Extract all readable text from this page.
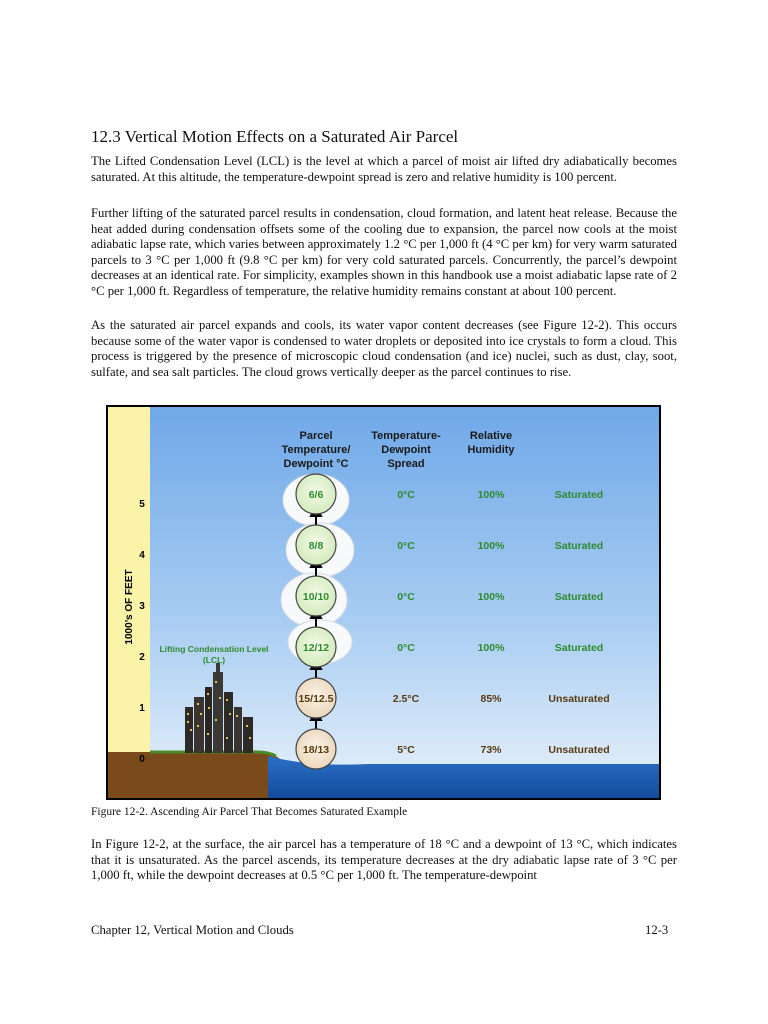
12.3 Vertical Motion Effects on a Saturated Air Parcel

The Lifted Condensation Level (LCL) is the level at which a parcel of moist air lifted dry adiabatically becomes saturated. At this altitude, the temperature-dewpoint spread is zero and relative humidity is 100 percent.

Further lifting of the saturated parcel results in condensation, cloud formation, and latent heat release. Because the heat added during condensation offsets some of the cooling due to expansion, the parcel now cools at the moist adiabatic lapse rate, which varies between approximately 1.2 °C per 1,000 ft (4 °C per km) for very warm saturated parcels to 3 °C per 1,000 ft (9.8 °C per km) for very cold saturated parcels. Concurrently, the parcel’s dewpoint decreases at an identical rate. For simplicity, examples shown in this handbook use a moist adiabatic lapse rate of 2 °C per 1,000 ft. Regardless of temperature, the relative humidity remains constant at about 100 percent.

As the saturated air parcel expands and cools, its water vapor content decreases (see Figure 12-2). This occurs because some of the water vapor is condensed to water droplets or deposited into ice crystals to form a cloud. This process is triggered by the presence of microscopic cloud condensation (and ice) nuclei, such as dust, clay, soot, sulfate, and sea salt particles. The cloud grows vertically deeper as the parcel continues to rise.

1000’s OF FEET
Parcel
Temperature/
Dewpoint °C
Temperature-
Dewpoint
Spread
Relative
Humidity
Lifting Condensation Level
(LCL)
5
6/6	0°C	100%	Saturated
4
8/8	0°C	100%	Saturated
3
10/10	0°C	100%	Saturated
2
12/12	0°C	100%	Saturated
1
15/12.5	2.5°C	85%	Unsaturated
0
18/13	5°C	73%	Unsaturated
Figure 12-2. Ascending Air Parcel That Becomes Saturated Example

In Figure 12-2, at the surface, the air parcel has a temperature of 18 °C and a dewpoint of 13 °C, which indicates that it is unsaturated. As the parcel ascends, its temperature decreases at the dry adiabatic lapse rate of 3 °C per 1,000 ft, while the dewpoint decreases at 0.5 °C per 1,000 ft. The temperature-dewpoint

Chapter 12, Vertical Motion and Clouds	12-3
